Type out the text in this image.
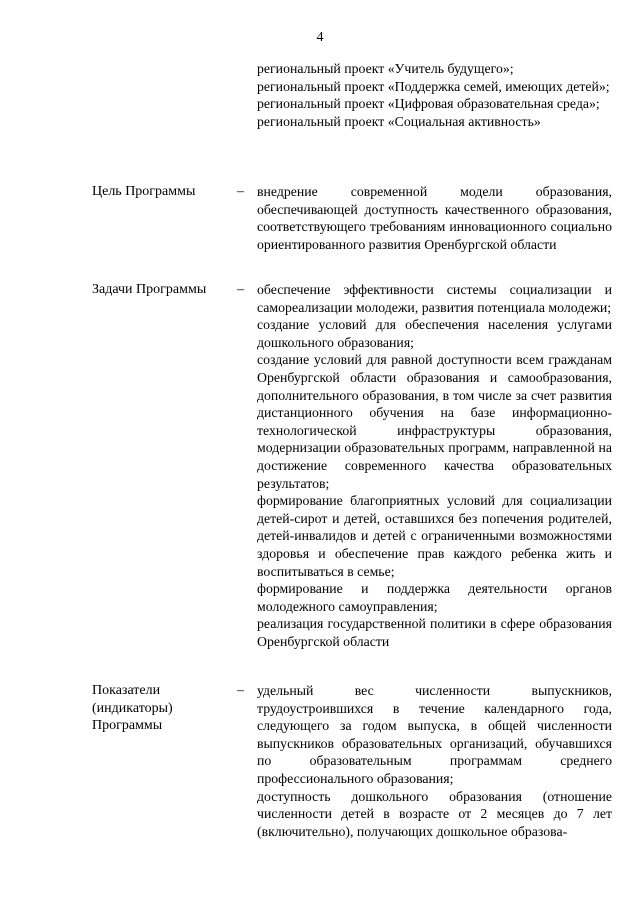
4

региональный проект «Учитель будущего»;

региональный проект «Поддержка семей, имеющих детей»;

региональный проект «Цифровая образовательная среда»;

региональный проект «Социальная активность»

Цель Программы	– внедрение современной модели образования, обеспечивающей доступность качественного образования, соответствующего требованиям инновационного социально ориентированного развития Оренбургской области

Задачи Программы	– обеспечение эффективности системы социализации и самореализации молодежи, развития потенциала молодежи;

создание условий для обеспечения населения услугами дошкольного образования;

создание условий для равной доступности всем гражданам Оренбургской области образования и самообразования, дополнительного образования, в том числе за счет развития дистанционного обучения на базе информационно-технологической инфраструктуры образования, модернизации образовательных программ, направленной на достижение современного качества образовательных результатов;

формирование благоприятных условий для социализации детей-сирот и детей, оставшихся без попечения родителей, детей-инвалидов и детей с ограниченными возможностями здоровья и обеспечение прав каждого ребенка жить и воспитываться в семье;

формирование и поддержка деятельности органов молодежного самоуправления;

реализация государственной политики в сфере образования Оренбургской области

Показатели (индикаторы) Программы
– удельный вес численности выпускников, трудоустроившихся в течение календарного года, следующего за годом выпуска, в общей численности выпускников образовательных организаций, обучавшихся по образовательным программам среднего профессионального образования;

доступность дошкольного образования (отношение численности детей в возрасте от 2 месяцев до 7 лет (включительно), получающих дошкольное образова-
